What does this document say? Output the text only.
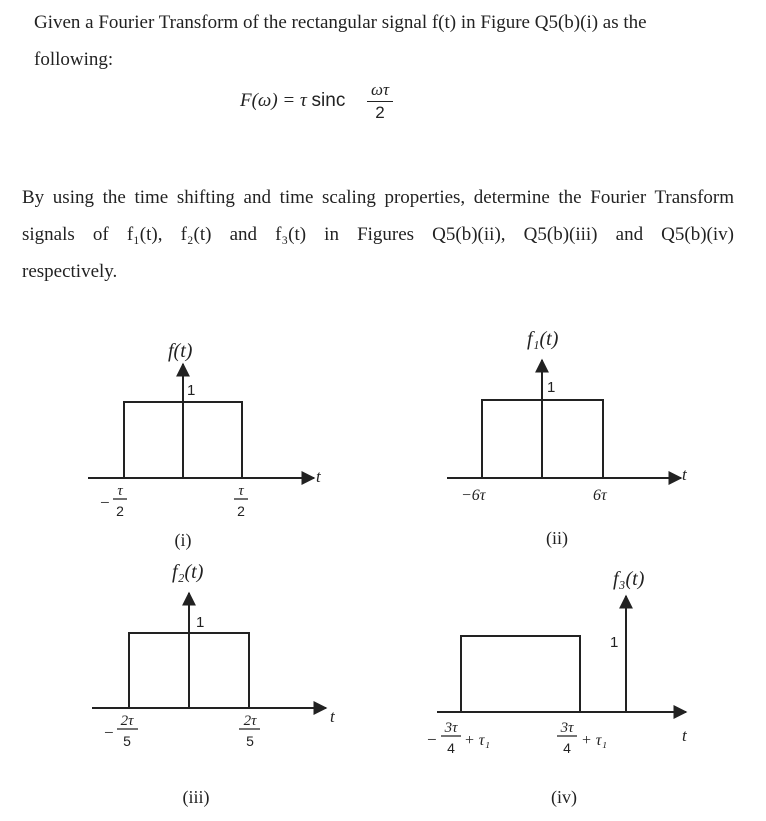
Given a Fourier Transform of the rectangular signal f(t) in Figure Q5(b)(i) as the
following:
F(ω) = τ sinc
ωτ
2
By using the time shifting and time scaling properties, determine the Fourier Transform
signals of f₁(t), f₂(t) and f₃(t) in Figures Q5(b)(ii), Q5(b)(iii) and Q5(b)(iv)
respectively.
f(t)
1
t
−
τ
2
τ
2
(i)
f₁(t)
1
t
−6τ	6τ
(ii)
f₂(t)
1
t
−
2τ
5
2τ
5
(iii)
f₃(t)
1
t
−
3τ
4 + τ₁
3τ
4 + τ₁
(iv)
